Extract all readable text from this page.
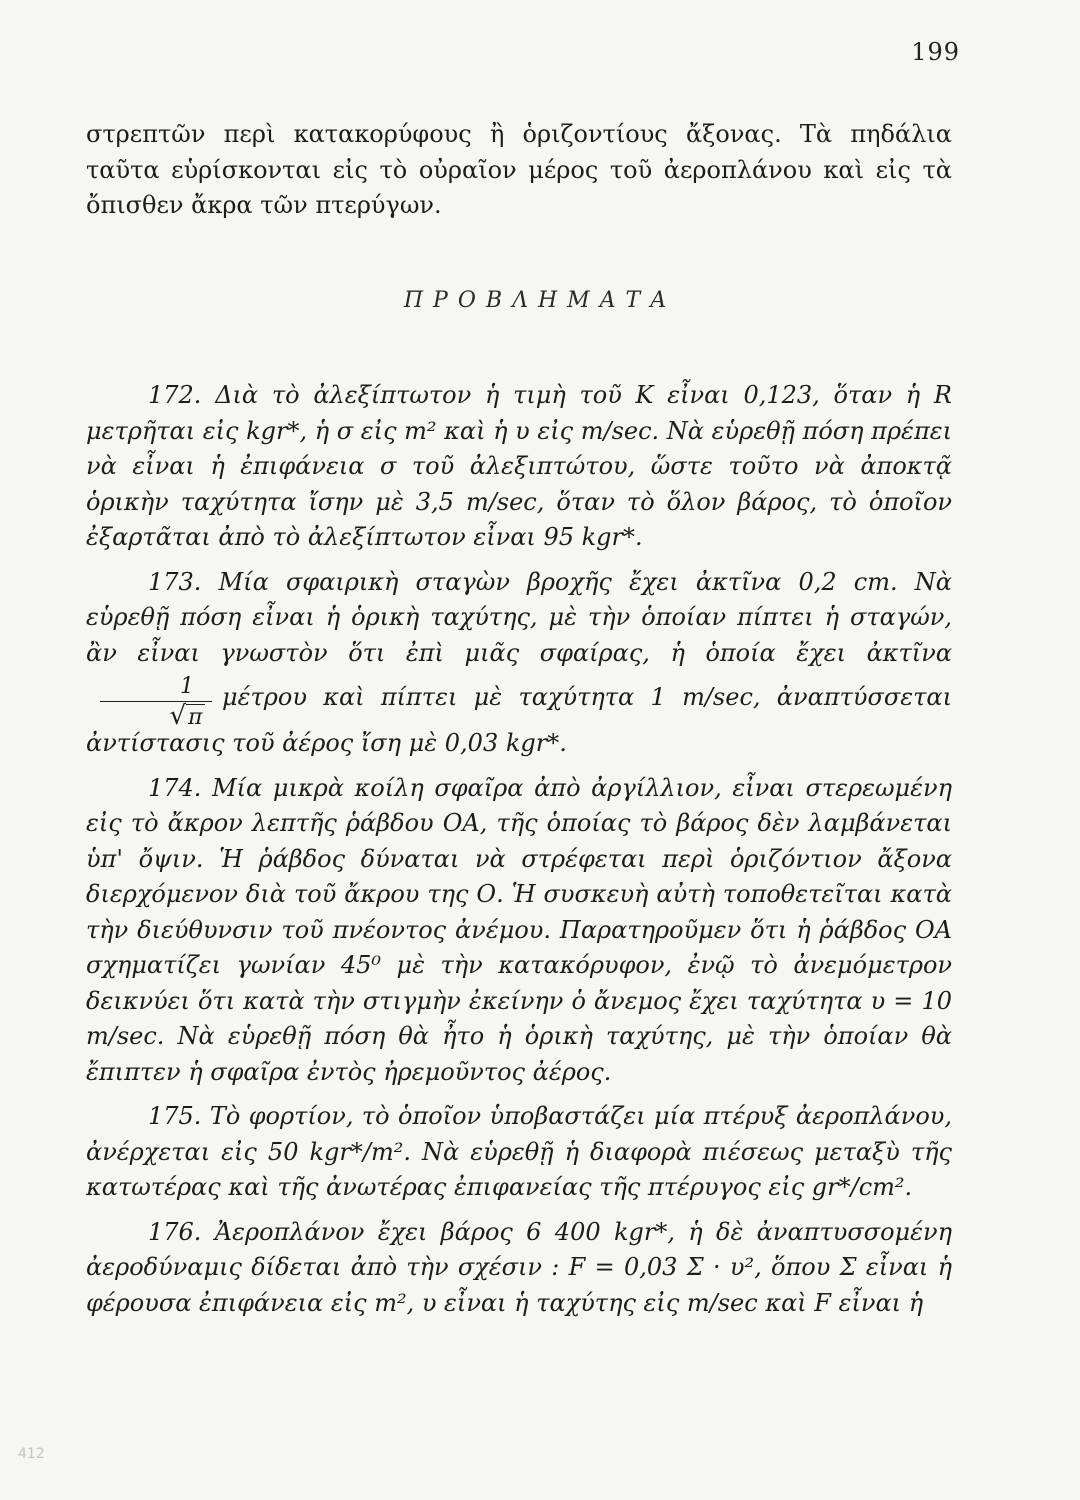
199
στρεπτῶν περὶ κατακορύφους ἢ ὁριζοντίους ἄξονας. Τὰ πηδάλια ταῦτα εὑρίσκονται εἰς τὸ οὐραῖον μέρος τοῦ ἀεροπλάνου καὶ εἰς τὰ ὄπισθεν ἄκρα τῶν πτερύγων.
ΠΡΟΒΛΗΜΑΤΑ

172. Διὰ τὸ ἀλεξίπτωτον ἡ τιμὴ τοῦ K εἶναι 0,123, ὅταν ἡ R μετρῆται εἰς kgr*, ἡ σ εἰς m² καὶ ἡ υ εἰς m/sec. Νὰ εὑρεθῇ πόση πρέπει νὰ εἶναι ἡ ἐπιφάνεια σ τοῦ ἀλεξιπτώτου, ὥστε τοῦτο νὰ ἀποκτᾷ ὁρικὴν ταχύτητα ἴσην μὲ 3,5 m/sec, ὅταν τὸ ὅλον βάρος, τὸ ὁποῖον ἐξαρτᾶται ἀπὸ τὸ ἀλεξίπτωτον εἶναι 95 kgr*.

173. Μία σφαιρικὴ σταγὼν βροχῆς ἔχει ἀκτῖνα 0,2 cm. Νὰ εὑρεθῇ πόση εἶναι ἡ ὁρικὴ ταχύτης, μὲ τὴν ὁποίαν πίπτει ἡ σταγών, ἂν εἶναι γνωστὸν ὅτι ἐπὶ μιᾶς σφαίρας, ἡ ὁποία ἔχει ἀκτῖνα
$\frac{1}{√\pi}$ μέτρου καὶ πίπτει μὲ ταχύτητα 1 m/sec, ἀναπτύσσεται ἀντίστασις τοῦ ἀέρος ἴση μὲ 0,03 kgr*.

174. Μία μικρὰ κοίλη σφαῖρα ἀπὸ ἀργίλλιον, εἶναι στερεωμένη εἰς τὸ ἄκρον λεπτῆς ῥάβδου ΟΑ, τῆς ὁποίας τὸ βάρος δὲν λαμβάνεται ὑπ' ὄψιν. Ἡ ῥάβδος δύναται νὰ στρέφεται περὶ ὁριζόντιον ἄξονα διερχόμενον διὰ τοῦ ἄκρου της Ο. Ἡ συσκευὴ αὐτὴ τοποθετεῖται κατὰ τὴν διεύθυνσιν τοῦ πνέοντος ἀνέμου. Παρατηροῦμεν ὅτι ἡ ῥάβδος ΟΑ σχηματίζει γωνίαν 45⁰ μὲ τὴν κατακόρυφον, ἐνῷ τὸ ἀνεμόμετρον δεικνύει ὅτι κατὰ τὴν στιγμὴν ἐκείνην ὁ ἄνεμος ἔχει ταχύτητα υ = 10 m/sec. Νὰ εὑρεθῇ πόση θὰ ἦτο ἡ ὁρικὴ ταχύτης, μὲ τὴν ὁποίαν θὰ ἔπιπτεν ἡ σφαῖρα ἐντὸς ἠρεμοῦντος ἀέρος.

175. Τὸ φορτίον, τὸ ὁποῖον ὑποβαστάζει μία πτέρυξ ἀεροπλάνου, ἀνέρχεται εἰς 50 kgr*/m². Νὰ εὑρεθῇ ἡ διαφορὰ πιέσεως μεταξὺ τῆς κατωτέρας καὶ τῆς ἀνωτέρας ἐπιφανείας τῆς πτέρυγος εἰς gr*/cm².

176. Ἀεροπλάνον ἔχει βάρος 6 400 kgr*, ἡ δὲ ἀναπτυσσομένη ἀεροδύναμις δίδεται ἀπὸ τὴν σχέσιν : F = 0,03 Σ · υ², ὅπου Σ εἶναι ἡ φέρουσα ἐπιφάνεια εἰς m², υ εἶναι ἡ ταχύτης εἰς m/sec καὶ F εἶναι ἡ

412
